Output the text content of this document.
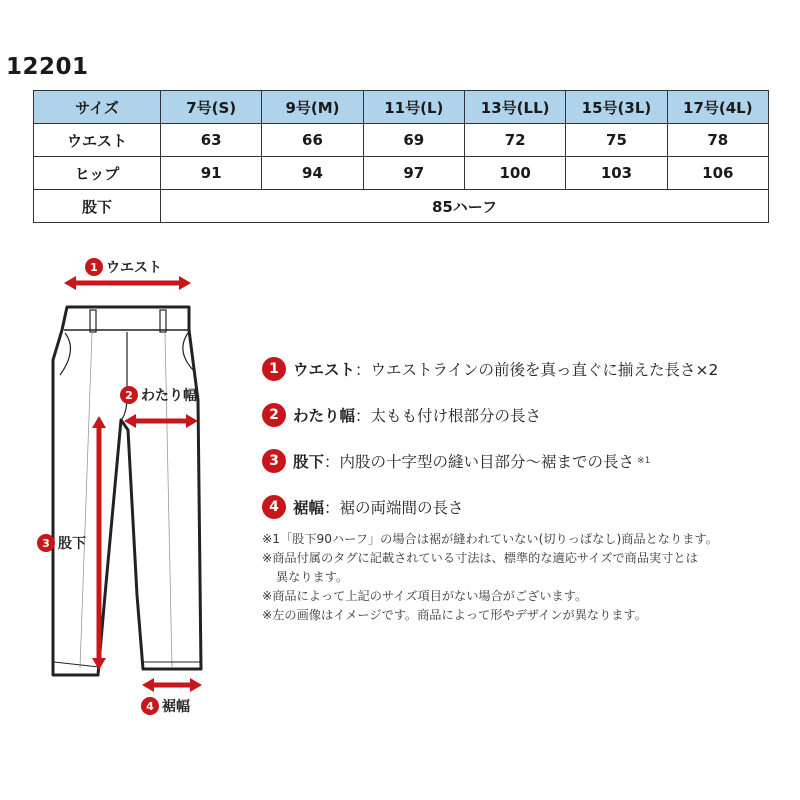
12201
サイズ	7号(S)	9号(M)	11号(L)	13号(LL)	15号(3L)	17号(4L)
ウエスト	63	66	69	72	75	78
ヒップ	91	94	97	100	103	106
股下	85ハーフ					
1 ウエスト
2 わたり幅
3 股下
4 裾幅
1 ウエスト ：ウエストラインの前後を真っ直ぐに揃えた長さ×2
2 わたり幅 ：太もも付け根部分の長さ
3 股下 ：内股の十字型の縫い目部分〜裾までの長さ ※1
4 裾幅 ：裾の両端間の長さ
※1「股下90ハーフ」の場合は裾が縫われていない(切りっぱなし)商品となります。
※商品付属のタグに記載されている寸法は、標準的な適応サイズで商品実寸とは
異なります。
※商品によって上記のサイズ項目がない場合がございます。
※左の画像はイメージです。商品によって形やデザインが異なります。
